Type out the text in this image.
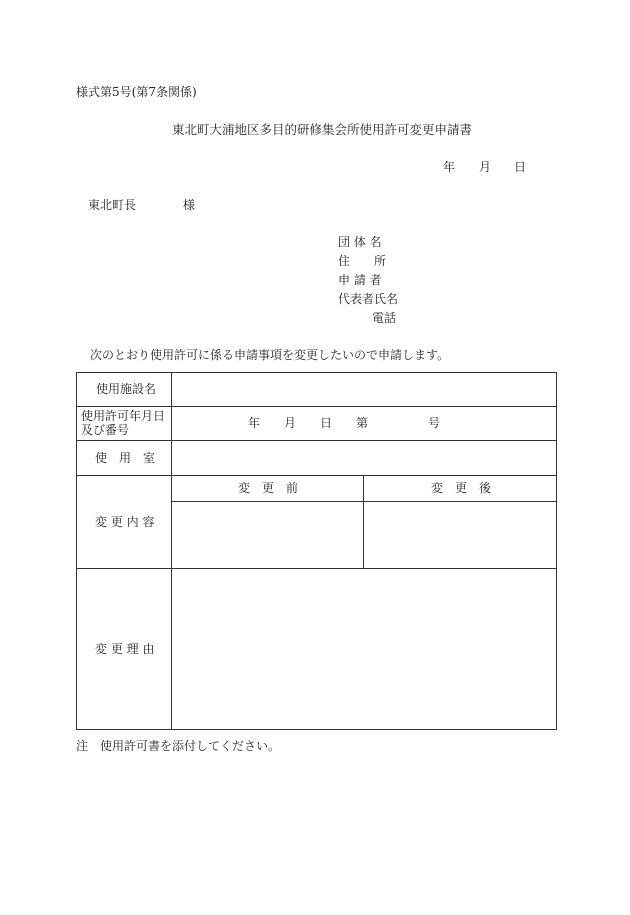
様式第5号(第7条関係)
東北町大浦地区多目的研修集会所使用許可変更申請書
年 月 日
東北町長	様
団 体 名
住　　所
申 請 者
代表者氏名
電話
次のとおり使用許可に係る申請事項を変更したいので申請します。
使用施設名
使用許可年月日
及び番号	年　　月　　日　　第　　　　　号
使　用　室
変　更　前	変　更　後
変 更 内 容
変 更 理 由
注　使用許可書を添付してください。
